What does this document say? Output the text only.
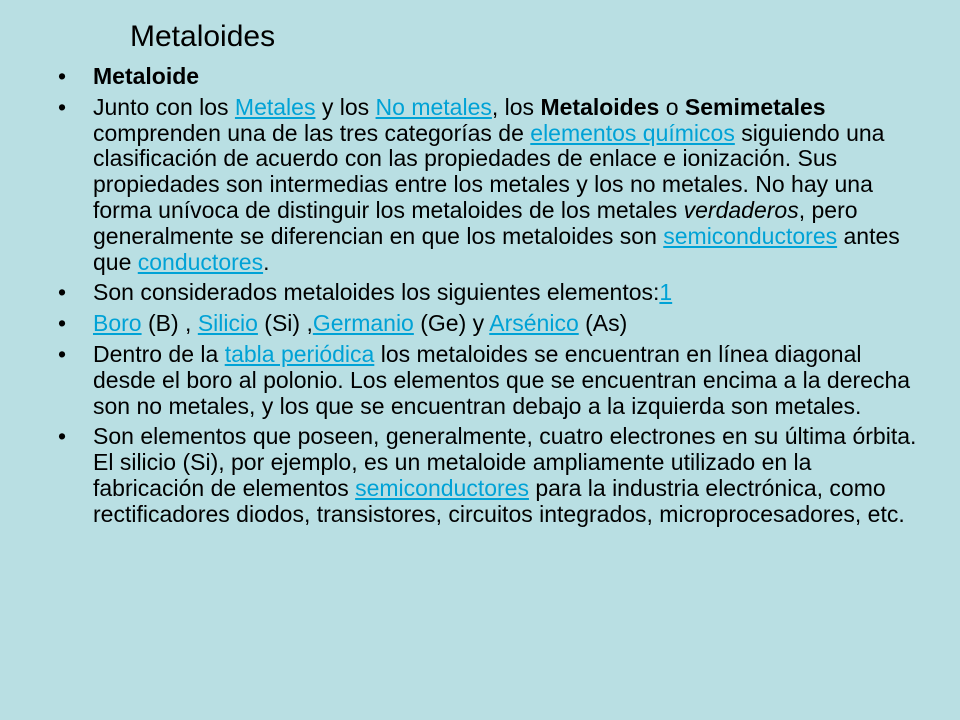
Metaloides
• Metaloide
• Junto con los Metales y los No metales, los Metaloides o Semimetales comprenden una de las tres categorías de elementos químicos siguiendo una clasificación de acuerdo con las propiedades de enlace e ionización. Sus propiedades son intermedias entre los metales y los no metales. No hay una forma unívoca de distinguir los metaloides de los metales verdaderos, pero generalmente se diferencian en que los metaloides son semiconductores antes que conductores.
• Son considerados metaloides los siguientes elementos:1
• Boro (B) , Silicio (Si) ,Germanio (Ge) y Arsénico (As)
• Dentro de la tabla periódica los metaloides se encuentran en línea diagonal desde el boro al polonio. Los elementos que se encuentran encima a la derecha son no metales, y los que se encuentran debajo a la izquierda son metales.
• Son elementos que poseen, generalmente, cuatro electrones en su última órbita. El silicio (Si), por ejemplo, es un metaloide ampliamente utilizado en la fabricación de elementos semiconductores para la industria electrónica, como rectificadores diodos, transistores, circuitos integrados, microprocesadores, etc.
